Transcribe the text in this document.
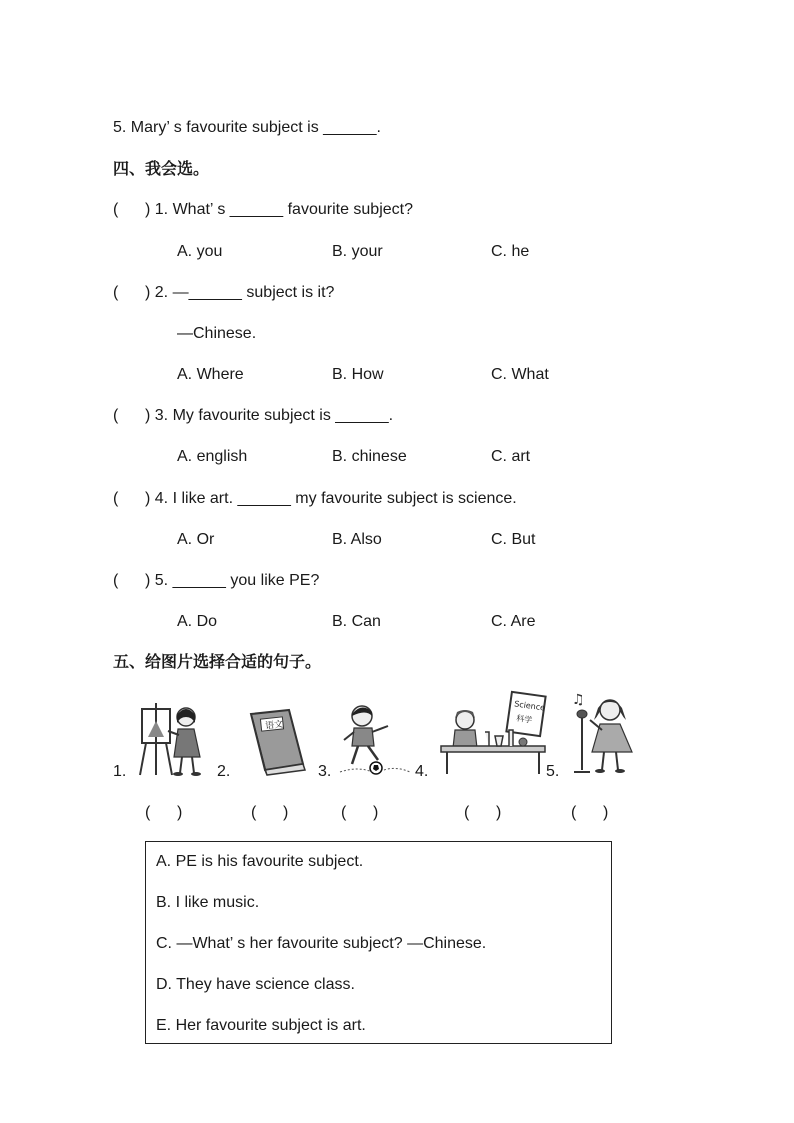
5. Mary’ s favourite subject is ______.
四、我会选。
(      ) 1. What’ s ______ favourite subject?
A. you	B. your	C. he
(      ) 2. —______ subject is it?
—Chinese.
A. Where	B. How	C. What
(      ) 3. My favourite subject is ______.
A. english	B. chinese	C. art
(      ) 4. I like art. ______ my favourite subject is science.
A. Or	B. Also	C. But
(      ) 5. ______ you like PE?
A. Do	B. Can	C. Are
五、给图片选择合适的句子。
1.	2.	3.	4.	5.
语文
Science
科学
♫
(      )	(      )	(      )	(      )	(      )
A. PE is his favourite subject.
B. I like music.
C. —What’ s her favourite subject? —Chinese.
D. They have science class.
E. Her favourite subject is art.
